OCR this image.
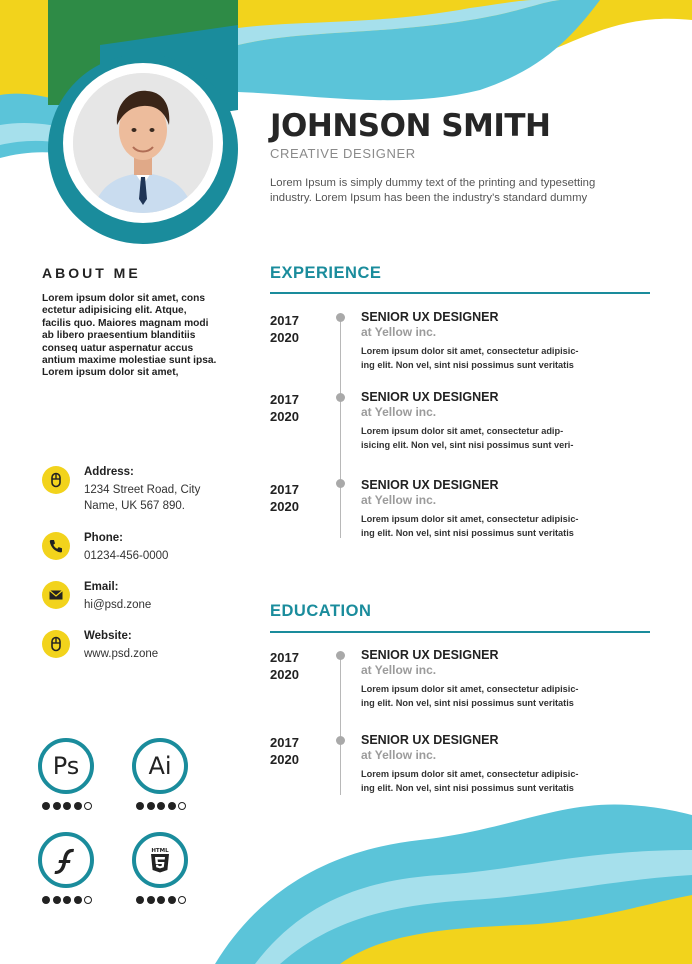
JOHNSON SMITH
CREATIVE DESIGNER
Lorem Ipsum is simply dummy text of the printing and typesetting industry. Lorem Ipsum has been the industry's standard dummy
ABOUT ME
Lorem ipsum dolor sit amet, cons ectetur adipisicing elit. Atque, facilis quo. Maiores magnam modi ab libero praesentium blanditiis conseq uatur aspernatur accus antium maxime molestiae sunt ipsa. Lorem ipsum dolor sit amet,
Address:
1234 Street Road, City
Name, UK 567 890.
Phone:
01234-456-0000
Email:
hi@psd.zone
Website:
www.psd.zone
Ps	Ai
HTML
EXPERIENCE
2017
2020
SENIOR UX DESIGNER
at Yellow inc.
Lorem ipsum dolor sit amet, consectetur adipisic-
ing elit. Non vel, sint nisi possimus sunt veritatis
2017
2020
SENIOR UX DESIGNER
at Yellow inc.
Lorem ipsum dolor sit amet, consectetur adip-
isicing elit. Non vel, sint nisi possimus sunt veri-
2017
2020
SENIOR UX DESIGNER
at Yellow inc.
Lorem ipsum dolor sit amet, consectetur adipisic-
ing elit. Non vel, sint nisi possimus sunt veritatis
EDUCATION
2017
2020
SENIOR UX DESIGNER
at Yellow inc.
Lorem ipsum dolor sit amet, consectetur adipisic-
ing elit. Non vel, sint nisi possimus sunt veritatis
2017
2020
SENIOR UX DESIGNER
at Yellow inc.
Lorem ipsum dolor sit amet, consectetur adipisic-
ing elit. Non vel, sint nisi possimus sunt veritatis
